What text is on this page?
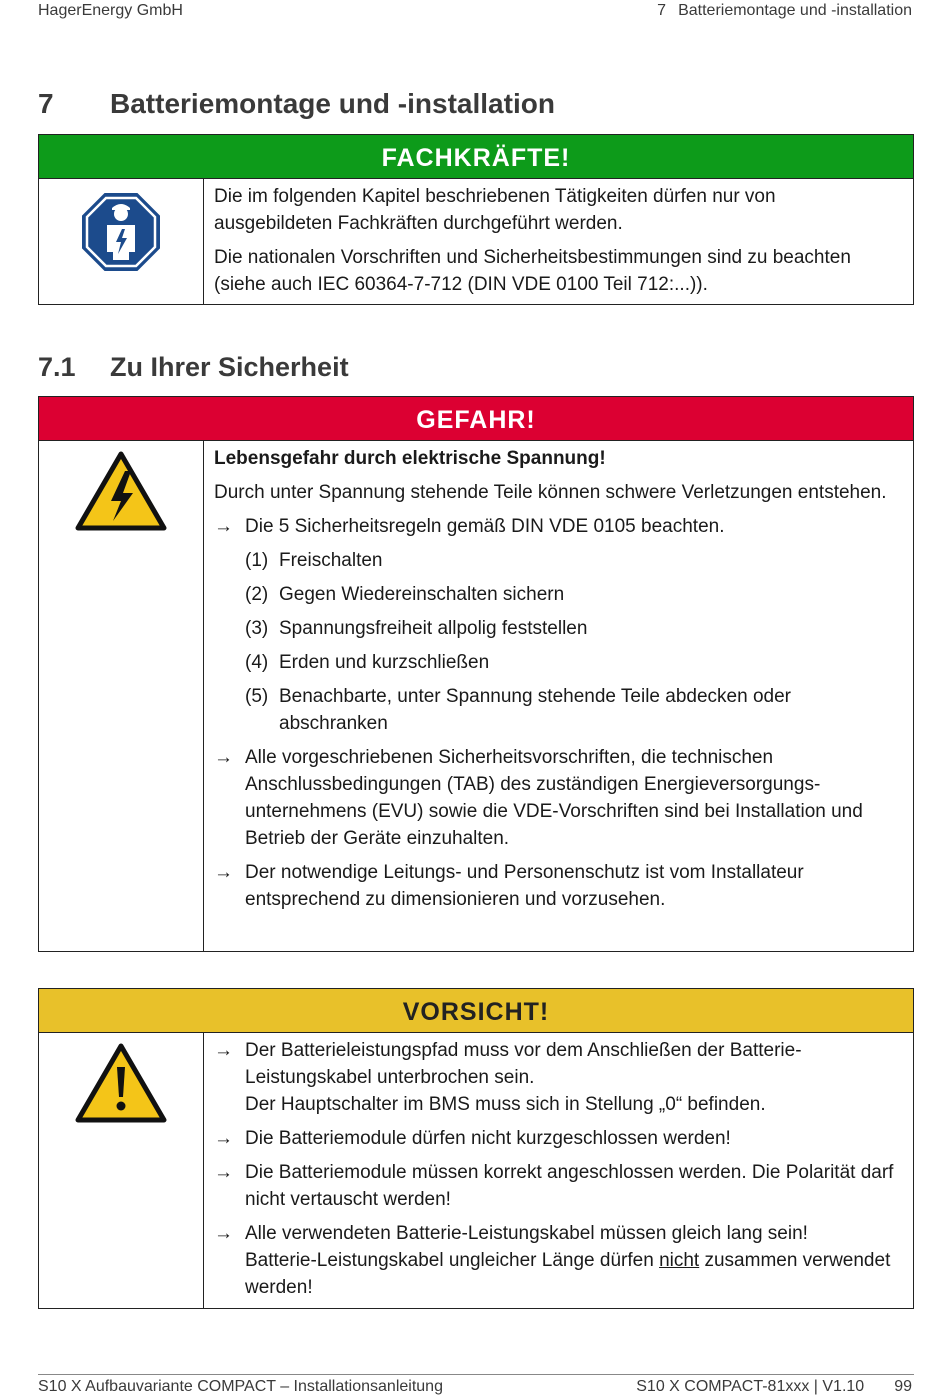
HagerEnergy GmbH	7 Batteriemontage und -installation
7 Batteriemontage und -installation
FACHKRÄFTE!

Die im folgenden Kapitel beschriebenen Tätigkeiten dürfen nur von ausgebildeten Fachkräften durchgeführt werden.

Die nationalen Vorschriften und Sicherheitsbestimmungen sind zu beachten (siehe auch IEC 60364-7-712 (DIN VDE 0100 Teil 712:...)).

7.1 Zu Ihrer Sicherheit
GEFAHR!

Lebensgefahr durch elektrische Spannung!

Durch unter Spannung stehende Teile können schwere Verletzungen entstehen.

→ Die 5 Sicherheitsregeln gemäß DIN VDE 0105 beachten.
(1) Freischalten
(2) Gegen Wiedereinschalten sichern
(3) Spannungsfreiheit allpolig feststellen
(4) Erden und kurzschließen
(5) Benachbarte, unter Spannung stehende Teile abdecken oder abschranken
→ Alle vorgeschriebenen Sicherheitsvorschriften, die technischen Anschlussbedingungen (TAB) des zuständigen Energieversorgungs-unternehmens (EVU) sowie die VDE-Vorschriften sind bei Installation und Betrieb der Geräte einzuhalten.
→ Der notwendige Leitungs- und Personenschutz ist vom Installateur entsprechend zu dimensionieren und vorzusehen.
VORSICHT!
→ Der Batterieleistungspfad muss vor dem Anschließen der Batterie-Leistungskabel unterbrochen sein.
Der Hauptschalter im BMS muss sich in Stellung „0“ befinden.
→ Die Batteriemodule dürfen nicht kurzgeschlossen werden!
→ Die Batteriemodule müssen korrekt angeschlossen werden. Die Polarität darf nicht vertauscht werden!
→ Alle verwendeten Batterie-Leistungskabel müssen gleich lang sein!
Batterie-Leistungskabel ungleicher Länge dürfen nicht zusammen verwendet werden!
S10 X Aufbauvariante COMPACT – Installationsanleitung	S10 X COMPACT-81xxx | V1.10 99
